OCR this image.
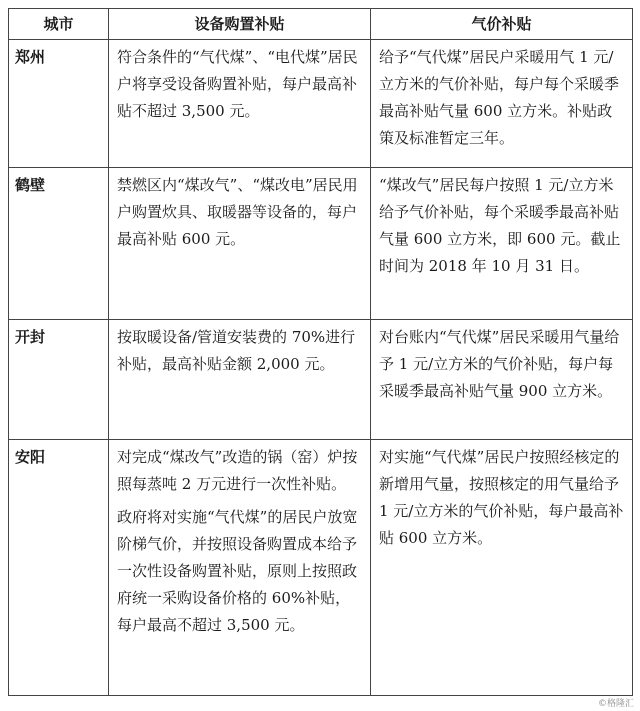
城市	设备购置补贴	气价补贴
郑州	符合条件的“气代煤”、“电代煤”居民户将享受设备购置补贴，每户最高补贴不超过 3,500 元。	给予“气代煤”居民户采暖用气 1 元/立方米的气价补贴，每户每个采暖季最高补贴气量 600 立方米。补贴政策及标准暂定三年。

鹤壁	禁燃区内“煤改气”、“煤改电”居民用户购置炊具、取暖器等设备的，每户最高补贴 600 元。	“煤改气”居民每户按照 1 元/立方米给予气价补贴，每个采暖季最高补贴气量 600 立方米，即 600 元。截止时间为 2018 年 10 月 31 日。

开封	按取暖设备/管道安装费的 70%进行补贴，最高补贴金额 2,000 元。	对台账内“气代煤”居民采暖用气量给予 1 元/立方米的气价补贴，每户每采暖季最高补贴气量 900 立方米。

安阳	对完成“煤改气”改造的锅（窑）炉按照每蒸吨 2 万元进行一次性补贴。
政府将对实施“气代煤”的居民户放宽阶梯气价，并按照设备购置成本给予一次性设备购置补贴，原则上按照政府统一采购设备价格的 60%补贴，每户最高不超过 3,500 元。	对实施“气代煤”居民户按照经核定的新增用气量，按照核定的用气量给予 1 元/立方米的气价补贴，每户最高补贴 600 立方米。
©格隆汇
